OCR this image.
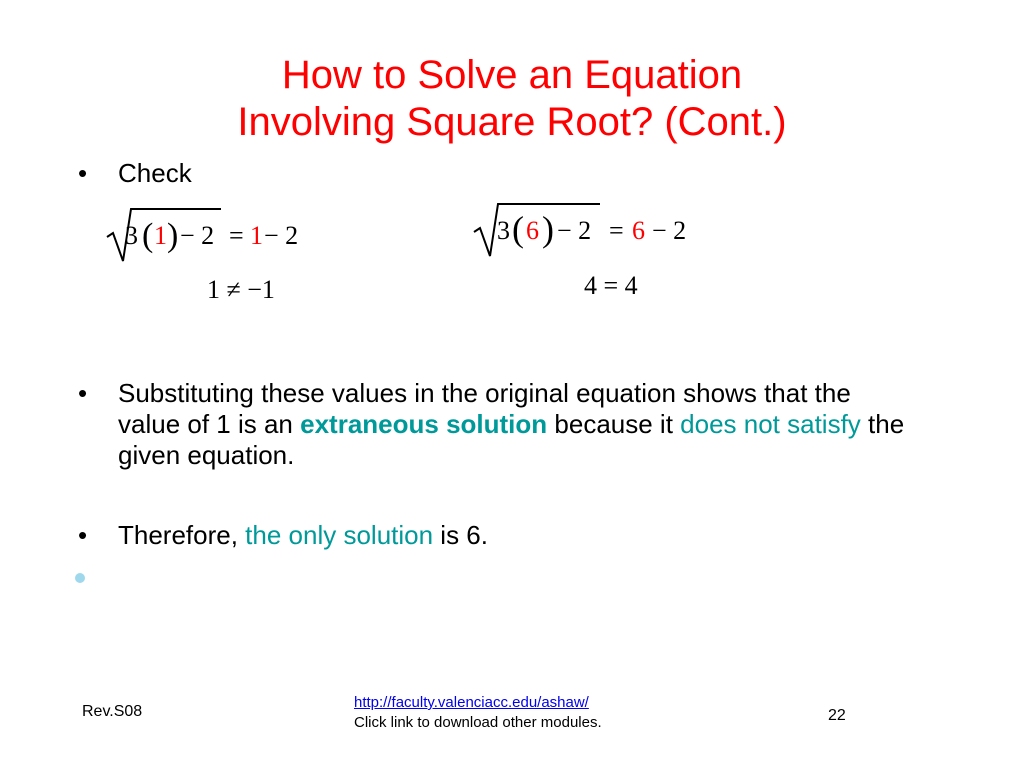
How to Solve an Equation
Involving Square Root? (Cont.)
• Check
3 ( 1 ) − 2 = 1 − 2
1 ≠ −1
3 ( 6 ) − 2 = 6 − 2
4 = 4
• Substituting these values in the original equation shows that the value of 1 is an extraneous solution because it does not satisfy the given equation.
• Therefore, the only solution is 6.
Rev.S08
http://faculty.valenciacc.edu/ashaw/
Click link to download other modules.	22
